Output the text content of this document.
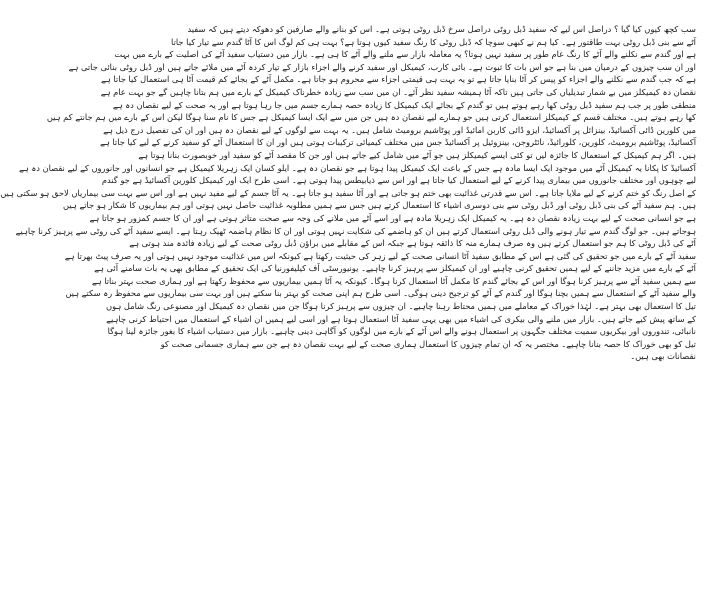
سب کچھ کیوں کیا گیا ؟ دراصل اس لیے کہ سفید ڈبل روٹی دراصل سرخ ڈبل روٹی ہوتی ہے۔ اس کو بنانے والے صارفین کو دھوکہ دیتے ہیں کہ سفید
آٹے سے بنی ڈبل روٹی بہت طاقتور ہے۔ کیا ہم نے کبھی سوچا کہ ڈبل روٹی کا رنگ سفید کیوں ہوتا ہے؟ بہت ہی کم لوگ اس کا آٹا گندم سے تیار کیا جاتا
ہے اور گندم سے نکلنے والے آٹے کا رنگ عام طور پر سفید نہیں ہوتا؟ یہ معاملہ بازار سے ملنے والے آٹے کا ہی ہے۔ بازار میں دستیاب سفید آٹے کی اصلیت کے بارے میں بہت
اور ان سب چیزوں کے درمیان میں بنا ہے جو اس بات کا ثبوت ہے۔ بائی کارب، کیمیکل اور سفید کرنے والے اجزاء بازار کے تیار کردہ آٹے میں ملائے جاتے ہیں اور ڈبل روٹی بنائی جاتی ہے
ہے کہ جب گندم سے نکلنے والے اجزاء کو پیس کر آٹا بنایا جاتا ہے تو یہ بہت ہی قیمتی اجزاء سے محروم ہو جاتا ہے۔ مکمل آٹے کے بجائے کم قیمت آٹا ہی استعمال کیا جاتا ہے
نقصان دہ کیمیکلز میں بے شمار تبدیلیاں کی جاتی ہیں تاکہ آٹا ہمیشہ سفید نظر آئے۔ ان میں سب سے زیادہ خطرناک کیمیکل کے بارے میں ہم بتانا چاہیں گے جو بہت عام ہے
منطقی طور پر جب ہم سفید ڈبل روٹی کھا رہے ہوتے ہیں تو گندم کے بجائے ایک کیمیکل کا زیادہ حصہ ہمارے جسم میں جا رہا ہوتا ہے اور یہ صحت کے لیے نقصان دہ ہے
کھا رہے ہوتے ہیں۔ مختلف قسم کے کیمیکلز استعمال کرتی ہیں جو ہمارے لیے نقصان دہ ہیں جن میں سے ایک ایسا کیمیکل ہے جس کا نام سنا ہوگا لیکن اس کے بارے میں ہم جانتے کم ہیں
میں کلورین ڈائی آکسائیڈ، بینزائل پر آکسائیڈ، ایزو ڈائی کاربن امائیڈ اور پوٹاشیم برومیٹ شامل ہیں۔ یہ بہت سے لوگوں کے لیے نقصان دہ ہیں اور ان کی تفصیل درج ذیل ہے
آکسائیڈ، پوٹاشیم برومیٹ، کلورین، کلورائیڈ، نائٹروجن، بینزوئیل پر آکسائیڈ جس میں مختلف کیمیائی ترکیبات ہوتی ہیں اور ان کا استعمال آٹے کو سفید کرنے کے لیے کیا جاتا ہے
ہیں۔ اگر ہم کیمیکل کے استعمال کا جائزہ لیں تو کئی ایسے کیمیکلز ہیں جو آٹے میں شامل کیے جاتے ہیں اور جن کا مقصد آٹے کو سفید اور خوبصورت بنانا ہوتا ہے
آکسائیڈ کا پکانا یہ کیمیکل آٹے میں موجود ایک ایسا مادہ ہے جس کے باعث ایک کیمیکل پیدا ہوتا ہے جو نقصان دہ ہے۔ ایلو کسان ایک زہریلا کیمیکل ہے جو انسانوں اور جانوروں کے لیے نقصان دہ ہے
لیے چوہوں اور مختلف جانوروں میں بیماری پیدا کرنے کے لیے استعمال کیا جاتا ہے اور اس سے ذیابیطس پیدا ہوتی ہے۔ اسی طرح ایک اور کیمیکل کلورین آکسائیڈ ہے جو گندم
کے اصل رنگ کو ختم کرنے کے لیے ملایا جاتا ہے۔ اس سے قدرتی غذائیت بھی ختم ہو جاتی ہے اور آٹا سفید ہو جاتا ہے۔ یہ آٹا جسم کے لیے مفید نہیں ہے اور اس سے بہت سی بیماریاں لاحق ہو سکتی ہیں
ہیں۔ ہم سفید آٹے کی بنی ڈبل روٹی اور ڈبل روٹی سے بنی دوسری اشیاء کا استعمال کرتے ہیں جس سے ہمیں مطلوبہ غذائیت حاصل نہیں ہوتی اور ہم بیماریوں کا شکار ہو جاتے ہیں
ہے جو انسانی صحت کے لیے بہت زیادہ نقصان دہ ہے۔ یہ کیمیکل ایک زہریلا مادہ ہے اور اسے آٹے میں ملانے کی وجہ سے صحت متاثر ہوتی ہے اور ان کا جسم کمزور ہو جاتا ہے
ہوجاتے ہیں۔ جو لوگ گندم سے تیار ہونے والی ڈبل روٹی استعمال کرتے ہیں ان کو ہاضمے کی شکایت نہیں ہوتی اور ان کا نظام ہاضمہ ٹھیک رہتا ہے۔ ایسے سفید آٹے کی روٹی سے پرہیز کرنا چاہیے
آٹے کی ڈبل روٹی کا ہم جو استعمال کرتے ہیں وہ صرف ہمارے منہ کا ذائقہ ہوتا ہے جبکہ اس کے مقابلے میں براؤن ڈبل روٹی صحت کے لیے زیادہ فائدہ مند ہوتی ہے
سفید آٹے کے بارے میں جو تحقیق کی گئی ہے اس کے مطابق سفید آٹا انسانی صحت کے لیے زہر کی حیثیت رکھتا ہے کیونکہ اس میں غذائیت موجود نہیں ہوتی اور یہ صرف پیٹ بھرتا ہے
آٹے کے بارے میں مزید جاننے کے لیے ہمیں تحقیق کرنی چاہیے اور ان کیمیکلز سے پرہیز کرنا چاہیے۔ یونیورسٹی آف کیلیفورنیا کی ایک تحقیق کے مطابق بھی یہ بات سامنے آئی ہے
سے ہمیں سفید آٹے سے پرہیز کرنا ہوگا اور اس کے بجائے گندم کا مکمل آٹا استعمال کرنا ہوگا۔ کیونکہ یہ آٹا ہمیں بیماریوں سے محفوظ رکھتا ہے اور ہماری صحت بہتر بناتا ہے
والے سفید آٹے کے استعمال سے ہمیں بچنا ہوگا اور گندم کے آٹے کو ترجیح دینی ہوگی۔ اسی طرح ہم اپنی صحت کو بہتر بنا سکتے ہیں اور بہت سی بیماریوں سے محفوظ رہ سکتے ہیں
تیل کا استعمال بھی بہتر ہے۔ لہٰذا خوراک کے معاملے میں ہمیں محتاط رہنا چاہیے۔ ان چیزوں سے پرہیز کرنا ہوگا جن میں نقصان دہ کیمیکل اور مصنوعی رنگ شامل ہوں
کے ساتھ پیش کیے جاتے ہیں۔ بازار میں ملنے والی بیکری کی اشیاء میں بھی یہی سفید آٹا استعمال ہوتا ہے اور اسی لیے ہمیں ان اشیاء کے استعمال میں احتیاط کرنی چاہیے
نانبائی، تندوروں اور بیکریوں سمیت مختلف جگہوں پر استعمال ہونے والے اس آٹے کے بارے میں لوگوں کو آگاہی دینی چاہیے۔ بازار میں دستیاب اشیاء کا بغور جائزہ لینا ہوگا
تیل کو بھی خوراک کا حصہ بنانا چاہیے۔ مختصر یہ کہ ان تمام چیزوں کا استعمال ہماری صحت کے لیے بہت نقصان دہ ہے جن سے ہماری جسمانی صحت کو
نقصانات بھی ہیں۔
